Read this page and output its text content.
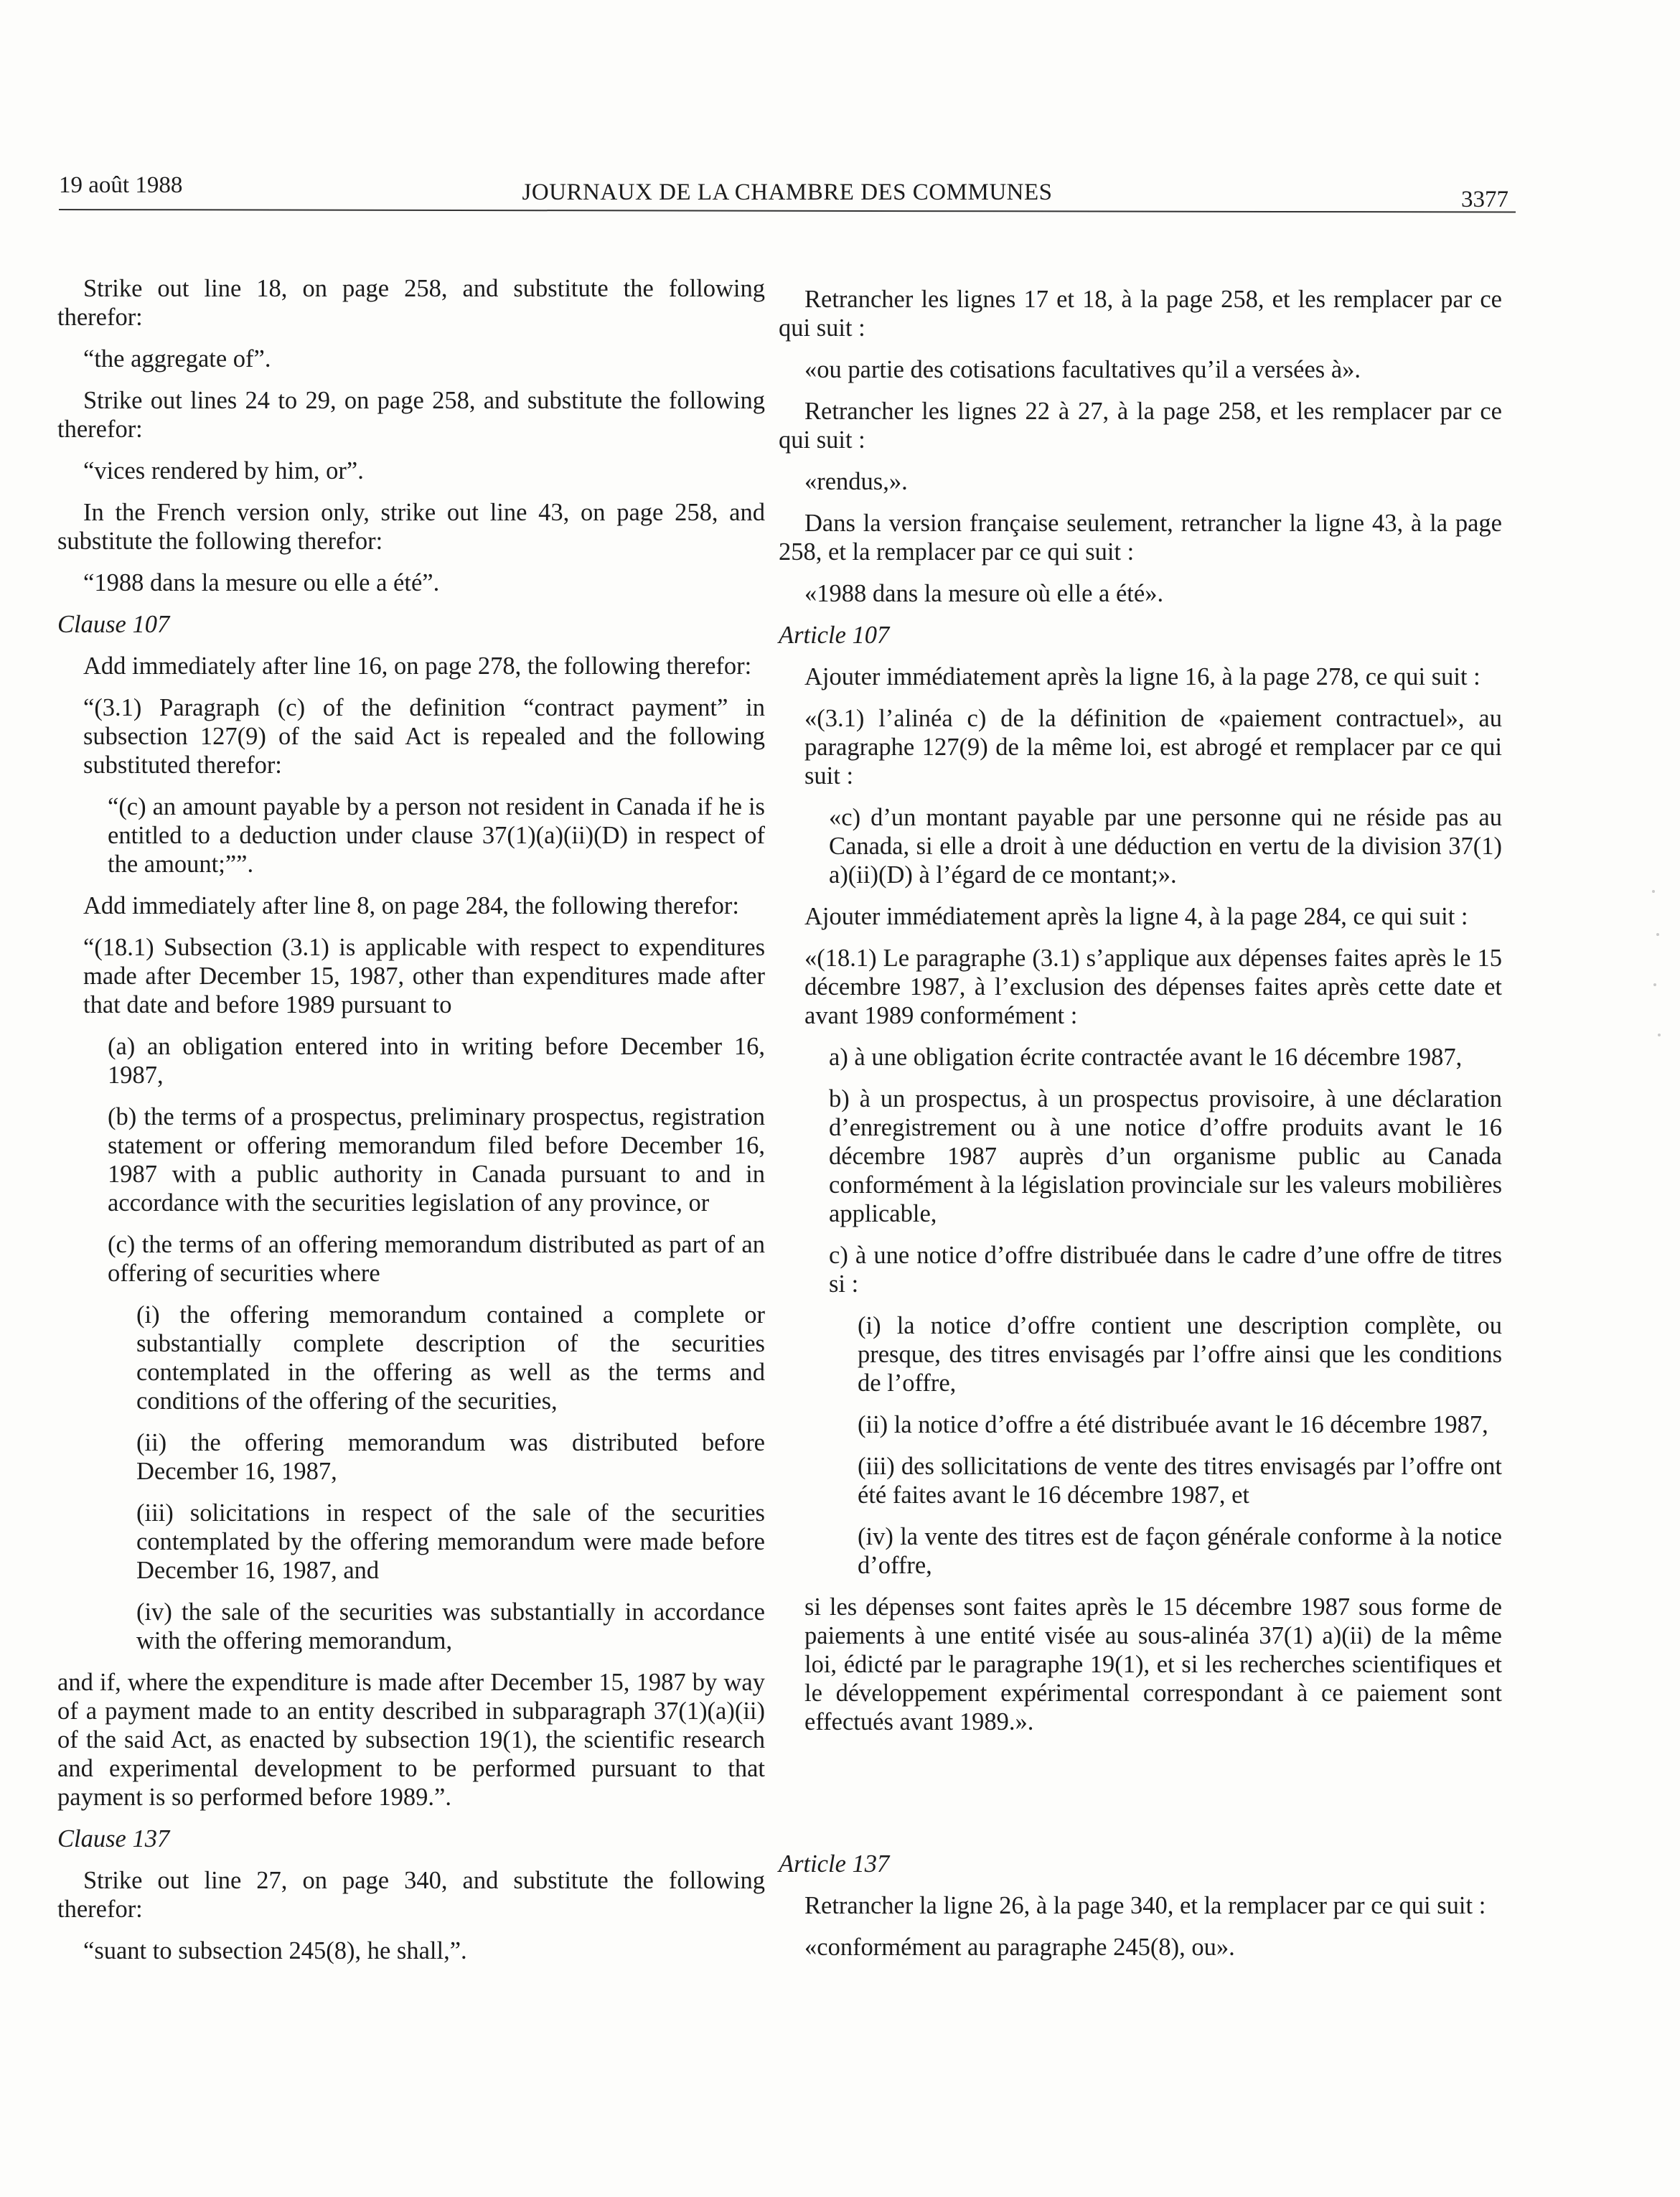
19 août 1988	JOURNAUX DE LA CHAMBRE DES COMMUNES	3377

Strike out line 18, on page 258, and substitute the following therefor:

“the aggregate of”.

Strike out lines 24 to 29, on page 258, and substitute the following therefor:

“vices rendered by him, or”.

In the French version only, strike out line 43, on page 258, and substitute the following therefor:

“1988 dans la mesure ou elle a été”.

Clause 107

Add immediately after line 16, on page 278, the following therefor:

“(3.1) Paragraph (c) of the definition “contract payment” in subsection 127(9) of the said Act is repealed and the following substituted therefor:

“(c) an amount payable by a person not resident in Canada if he is entitled to a deduction under clause 37(1)(a)(ii)(D) in respect of the amount;””.

Add immediately after line 8, on page 284, the following therefor:

“(18.1) Subsection (3.1) is applicable with respect to expenditures made after December 15, 1987, other than expenditures made after that date and before 1989 pursuant to

(a) an obligation entered into in writing before December 16, 1987,

(b) the terms of a prospectus, preliminary prospectus, registration statement or offering memorandum filed before December 16, 1987 with a public authority in Canada pursuant to and in accordance with the securities legislation of any province, or

(c) the terms of an offering memorandum distributed as part of an offering of securities where

(i) the offering memorandum contained a complete or substantially complete description of the securities contemplated in the offering as well as the terms and conditions of the offering of the securities,

(ii) the offering memorandum was distributed before December 16, 1987,

(iii) solicitations in respect of the sale of the securities contemplated by the offering memorandum were made before December 16, 1987, and

(iv) the sale of the securities was substantially in accordance with the offering memorandum,

and if, where the expenditure is made after December 15, 1987 by way of a payment made to an entity described in subparagraph 37(1)(a)(ii) of the said Act, as enacted by subsection 19(1), the scientific research and experimental development to be performed pursuant to that payment is so performed before 1989.”.

Clause 137

Strike out line 27, on page 340, and substitute the following therefor:

“suant to subsection 245(8), he shall,”.

Retrancher les lignes 17 et 18, à la page 258, et les remplacer par ce qui suit :

«ou partie des cotisations facultatives qu’il a versées à».

Retrancher les lignes 22 à 27, à la page 258, et les remplacer par ce qui suit :

«rendus,».

Dans la version française seulement, retrancher la ligne 43, à la page 258, et la remplacer par ce qui suit :

«1988 dans la mesure où elle a été».

Article 107

Ajouter immédiatement après la ligne 16, à la page 278, ce qui suit :

«(3.1) l’alinéa c) de la définition de «paiement contractuel», au paragraphe 127(9) de la même loi, est abrogé et remplacer par ce qui suit :

«c) d’un montant payable par une personne qui ne réside pas au Canada, si elle a droit à une déduction en vertu de la division 37(1) a)(ii)(D) à l’égard de ce montant;».

Ajouter immédiatement après la ligne 4, à la page 284, ce qui suit :

«(18.1) Le paragraphe (3.1) s’applique aux dépenses faites après le 15 décembre 1987, à l’exclusion des dépenses faites après cette date et avant 1989 conformément :

a) à une obligation écrite contractée avant le 16 décembre 1987,

b) à un prospectus, à un prospectus provisoire, à une déclaration d’enregistrement ou à une notice d’offre produits avant le 16 décembre 1987 auprès d’un organisme public au Canada conformément à la législation provinciale sur les valeurs mobilières applicable,

c) à une notice d’offre distribuée dans le cadre d’une offre de titres si :

(i) la notice d’offre contient une description complète, ou presque, des titres envisagés par l’offre ainsi que les conditions de l’offre,

(ii) la notice d’offre a été distribuée avant le 16 décembre 1987,

(iii) des sollicitations de vente des titres envisagés par l’offre ont été faites avant le 16 décembre 1987, et

(iv) la vente des titres est de façon générale conforme à la notice d’offre,

si les dépenses sont faites après le 15 décembre 1987 sous forme de paiements à une entité visée au sous-alinéa 37(1) a)(ii) de la même loi, édicté par le paragraphe 19(1), et si les recherches scientifiques et le développement expérimental correspondant à ce paiement sont effectués avant 1989.».

Article 137

Retrancher la ligne 26, à la page 340, et la remplacer par ce qui suit :

«conformément au paragraphe 245(8), ou».
